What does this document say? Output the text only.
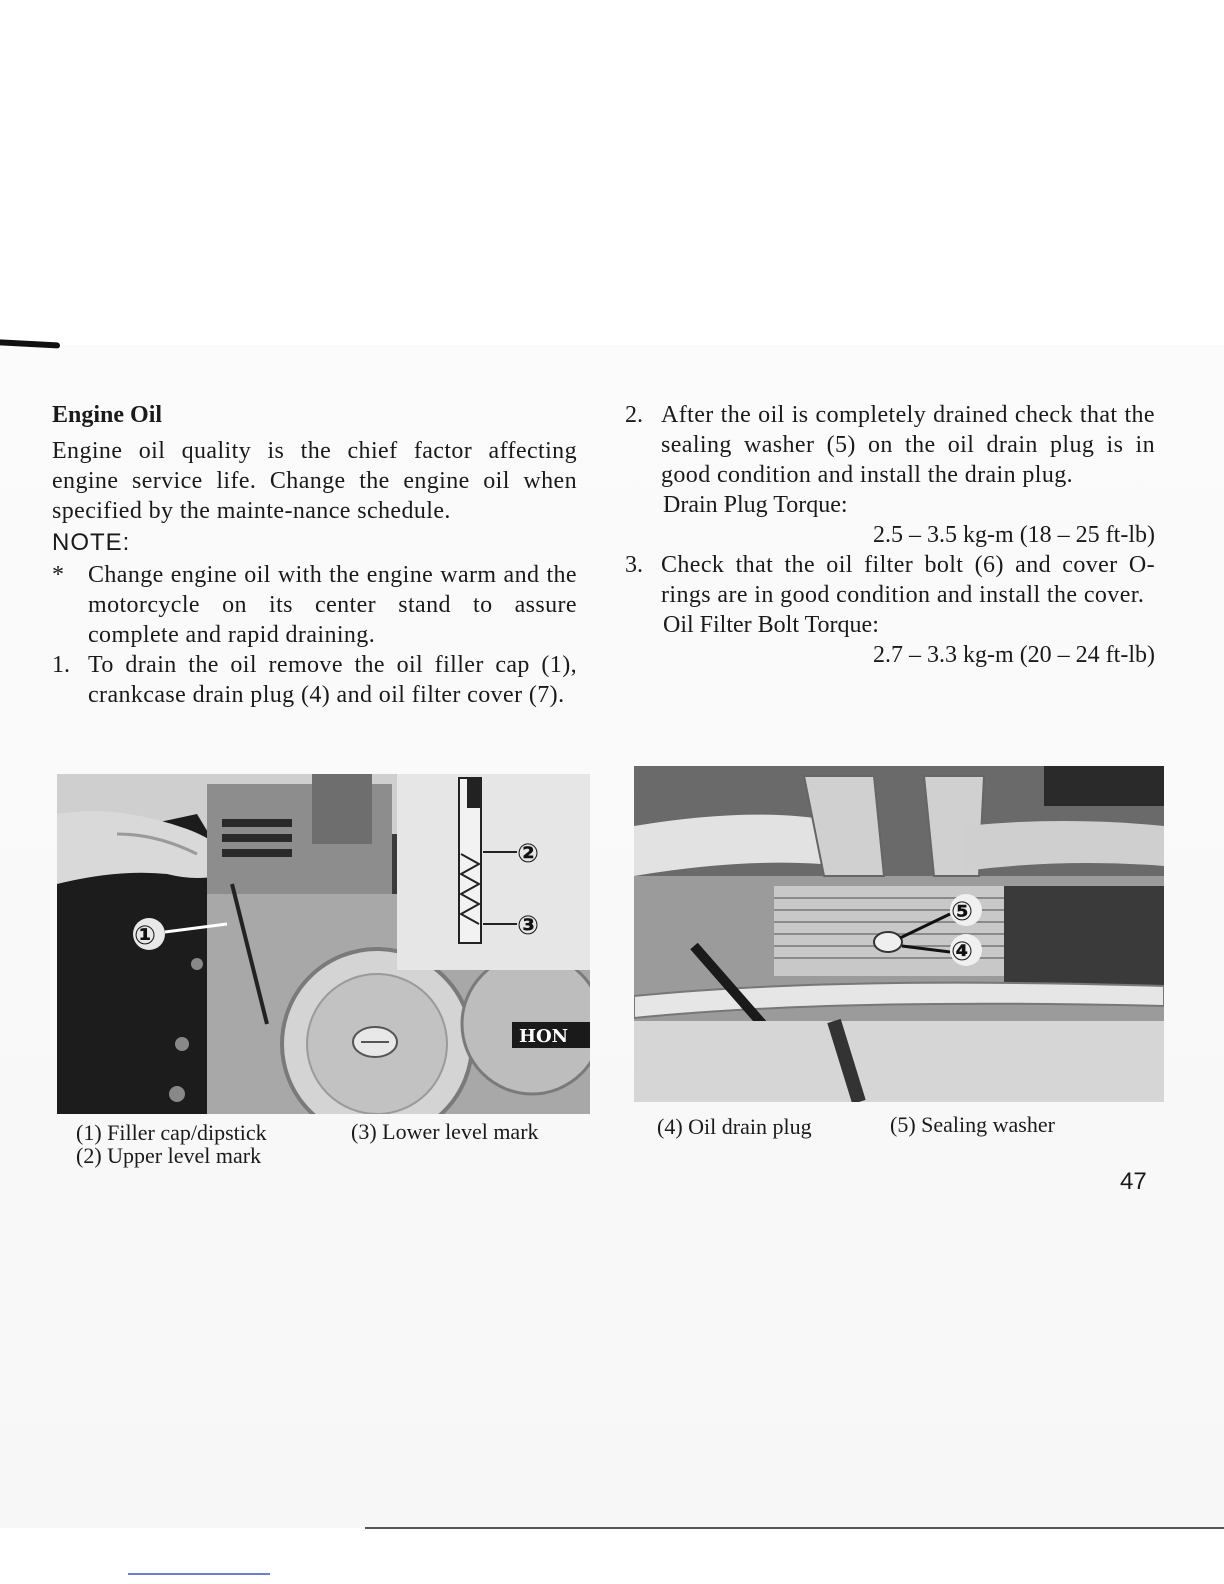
Engine Oil

Engine oil quality is the chief factor affecting engine service life. Change the engine oil when specified by the mainte-nance schedule.

NOTE:

*	Change engine oil with the engine warm and the motorcycle on its center stand to assure complete and rapid draining.
1. To drain the oil remove the oil filler cap (1), crankcase drain plug (4) and oil filter cover (7).
2. After the oil is completely drained check that the sealing washer (5) on the oil drain plug is in good condition and install the drain plug.
Drain Plug Torque:
2.5 – 3.5 kg-m (18 – 25 ft-lb)
3. Check that the oil filter bolt (6) and cover O-rings are in good condition and install the cover.
Oil Filter Bolt Torque:
2.7 – 3.3 kg-m (20 – 24 ft-lb)
HON
②
③
①
⑤
④
(1) Filler cap/dipstick	(3) Lower level mark
(2) Upper level mark
(4) Oil drain plug	(5) Sealing washer
47
